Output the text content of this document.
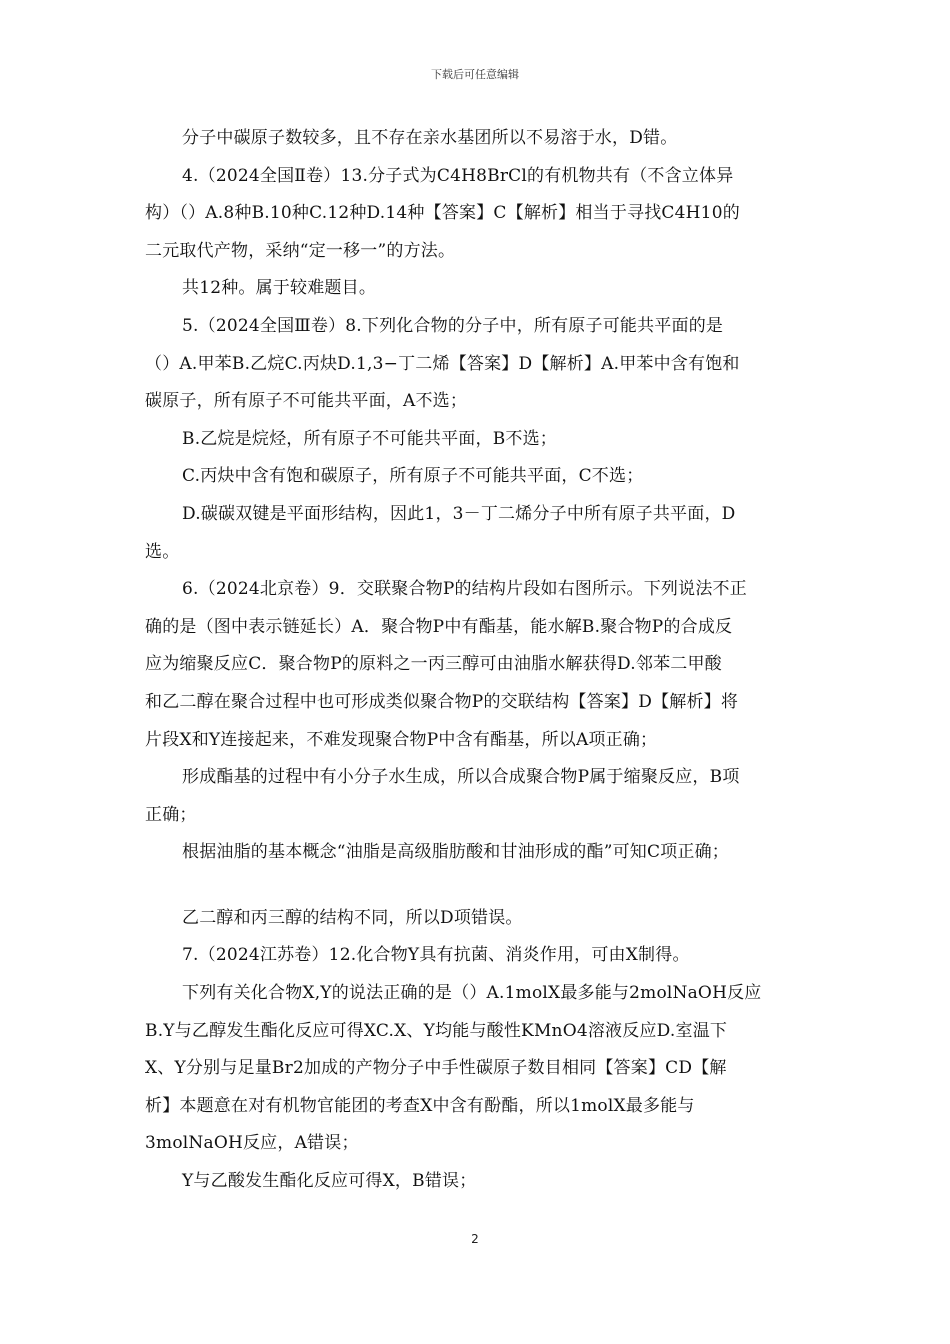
下载后可任意编辑
分子中碳原子数较多，且不存在亲水基团所以不易溶于水，D错。
4.（2024全国Ⅱ卷）13.分子式为C4H8BrCl的有机物共有（不含立体异
构）（）A.8种B.10种C.12种D.14种【答案】C【解析】相当于寻找C4H10的
二元取代产物，采纳“定一移一”的方法。
共12种。属于较难题目。
5.（2024全国Ⅲ卷）8.下列化合物的分子中，所有原子可能共平面的是
（）A.甲苯B.乙烷C.丙炔D.1,3−丁二烯【答案】D【解析】A.甲苯中含有饱和
碳原子，所有原子不可能共平面，A不选；
B.乙烷是烷烃，所有原子不可能共平面，B不选；
C.丙炔中含有饱和碳原子，所有原子不可能共平面，C不选；
D.碳碳双键是平面形结构，因此1，3－丁二烯分子中所有原子共平面，D
选。
6.（2024北京卷）9．交联聚合物P的结构片段如右图所示。下列说法不正
确的是（图中表示链延长）A．聚合物P中有酯基，能水解B.聚合物P的合成反
应为缩聚反应C．聚合物P的原料之一丙三醇可由油脂水解获得D.邻苯二甲酸
和乙二醇在聚合过程中也可形成类似聚合物P的交联结构【答案】D【解析】将
片段X和Y连接起来，不难发现聚合物P中含有酯基，所以A项正确；
形成酯基的过程中有小分子水生成，所以合成聚合物P属于缩聚反应，B项
正确；
根据油脂的基本概念“油脂是高级脂肪酸和甘油形成的酯”可知C项正确；
乙二醇和丙三醇的结构不同，所以D项错误。
7.（2024江苏卷）12.化合物Y具有抗菌、消炎作用，可由X制得。
下列有关化合物X,Y的说法正确的是（）A.1molX最多能与2molNaOH反应
B.Y与乙醇发生酯化反应可得XC.X、Y均能与酸性KMnO4溶液反应D.室温下
X、Y分别与足量Br2加成的产物分子中手性碳原子数目相同【答案】CD【解
析】本题意在对有机物官能团的考查X中含有酚酯，所以1molX最多能与
3molNaOH反应，A错误；
Y与乙酸发生酯化反应可得X，B错误；
2
